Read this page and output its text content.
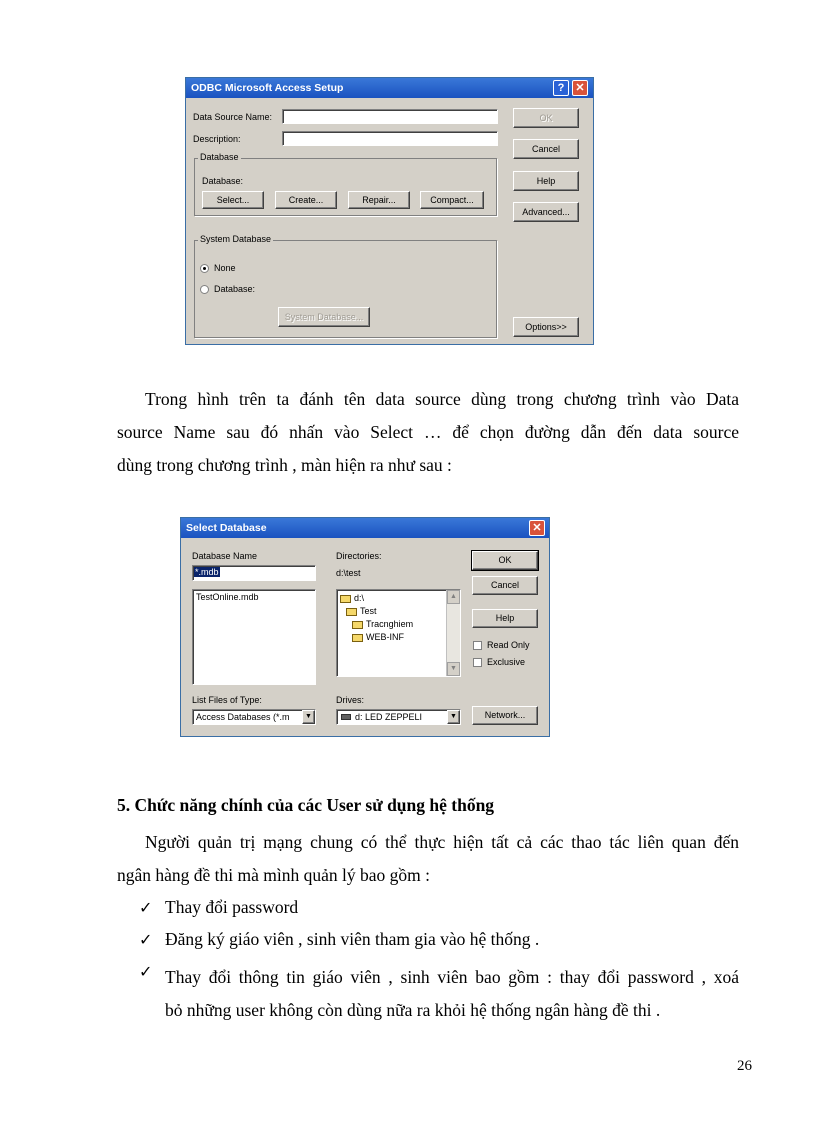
ODBC Microsoft Access Setup	?	✕
Data Source Name:
Description:
Database
Database:
Select...	Create...	Repair...	Compact...
System Database
None
Database:
System Database...
OK
Cancel
Help
Advanced...
Options>>
Trong hình trên ta đánh tên data source dùng trong chương trình vào Data
source Name sau đó nhấn vào Select … để chọn đường dẫn đến data source
dùng trong chương trình , màn hiện ra như sau :
Select Database	✕
Database Name
*.mdb
TestOnline.mdb
Directories:
d:\test
d:\
Test
Tracnghiem
WEB-INF
▲
▼
OK
Cancel
Help
Read Only
Exclusive
List Files of Type:
Access Databases (*.m	▼
Drives:
d: LED ZEPPELI	▼	Network...
5. Chức năng chính của các User sử dụng hệ thống
Người quản trị mạng chung có thể thực hiện tất cả các thao tác liên quan đến
ngân hàng đề thi mà mình quản lý bao gồm :
✓ Thay đổi password
✓ Đăng ký giáo viên , sinh viên tham gia vào hệ thống .
✓ Thay đổi thông tin giáo viên , sinh viên bao gồm : thay đổi password , xoá
bỏ những user không còn dùng nữa ra khỏi hệ thống ngân hàng đề thi .
26
